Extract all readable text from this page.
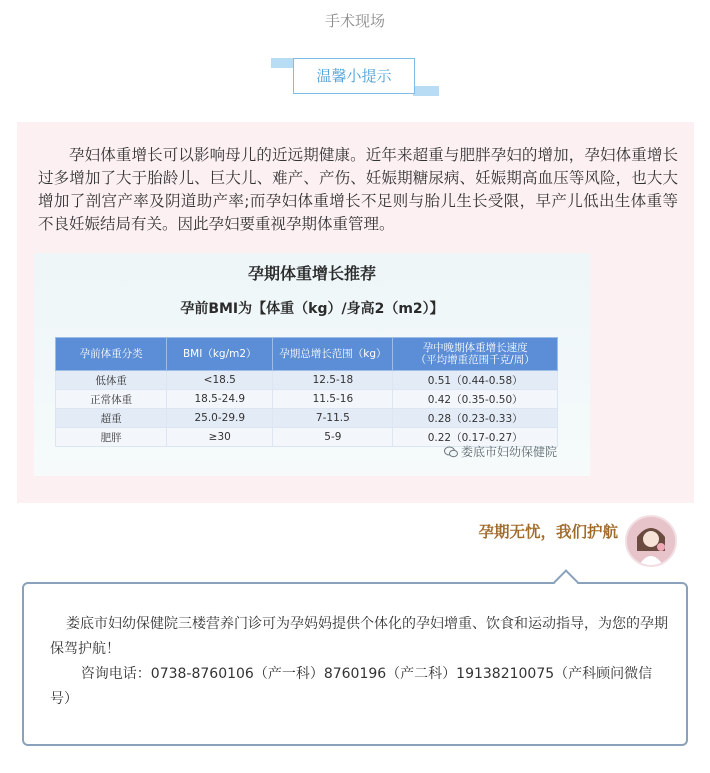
手术现场
温馨小提示

孕妇体重增长可以影响母儿的近远期健康。近年来超重与肥胖孕妇的增加，孕妇体重增长过多增加了大于胎龄儿、巨大儿、难产、产伤、妊娠期糖尿病、妊娠期高血压等风险，也大大增加了剖宫产率及阴道助产率;而孕妇体重增长不足则与胎儿生长受限，早产儿低出生体重等不良妊娠结局有关。因此孕妇要重视孕期体重管理。

孕期体重增长推荐
孕前BMI为【体重（kg）/身高2（m2）】
孕前体重分类	BMI（kg/m2）	孕期总增长范围（kg）	孕中晚期体重增长速度
（平均增重范围千克/周）
低体重	<18.5	12.5-18	0.51（0.44-0.58）
正常体重	18.5-24.9	11.5-16	0.42（0.35-0.50）
超重	25.0-29.9	7-11.5	0.28（0.23-0.33）
肥胖	≥30	5-9	0.22（0.17-0.27）
娄底市妇幼保健院
孕期无忧，我们护航

娄底市妇幼保健院三楼营养门诊可为孕妈妈提供个体化的孕妇增重、饮食和运动指导，为您的孕期保驾护航！
咨询电话：0738-8760106（产一科）8760196（产二科）19138210075（产科顾问微信号）
